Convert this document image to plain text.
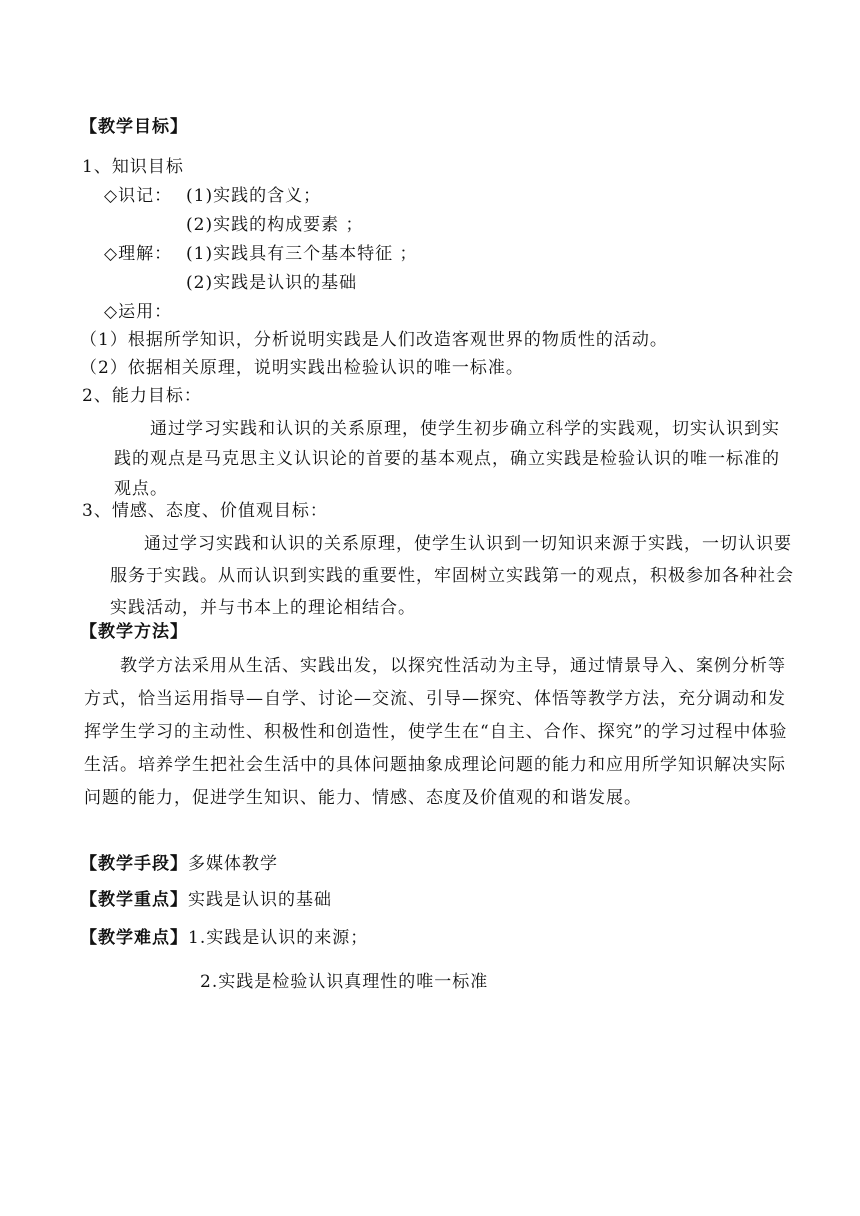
【教学目标】
1、知识目标
◇识记： (1)实践的含义；
(2)实践的构成要素 ；
◇理解： (1)实践具有三个基本特征 ；
(2)实践是认识的基础
◇运用：
（1）根据所学知识，分析说明实践是人们改造客观世界的物质性的活动。
（2）依据相关原理，说明实践出检验认识的唯一标准。
2、能力目标：
通过学习实践和认识的关系原理，使学生初步确立科学的实践观，切实认识到实践的观点是马克思主义认识论的首要的基本观点，确立实践是检验认识的唯一标准的观点。
3、情感、态度、价值观目标：
通过学习实践和认识的关系原理，使学生认识到一切知识来源于实践，一切认识要服务于实践。从而认识到实践的重要性，牢固树立实践第一的观点，积极参加各种社会实践活动，并与书本上的理论相结合。
【教学方法】
教学方法采用从生活、实践出发，以探究性活动为主导，通过情景导入、案例分析等方式，恰当运用指导—自学、讨论—交流、引导—探究、体悟等教学方法，充分调动和发挥学生学习的主动性、积极性和创造性，使学生在“自主、合作、探究”的学习过程中体验生活。培养学生把社会生活中的具体问题抽象成理论问题的能力和应用所学知识解决实际问题的能力，促进学生知识、能力、情感、态度及价值观的和谐发展。
【教学手段】多媒体教学
【教学重点】实践是认识的基础
【教学难点】1.实践是认识的来源；
2.实践是检验认识真理性的唯一标准
